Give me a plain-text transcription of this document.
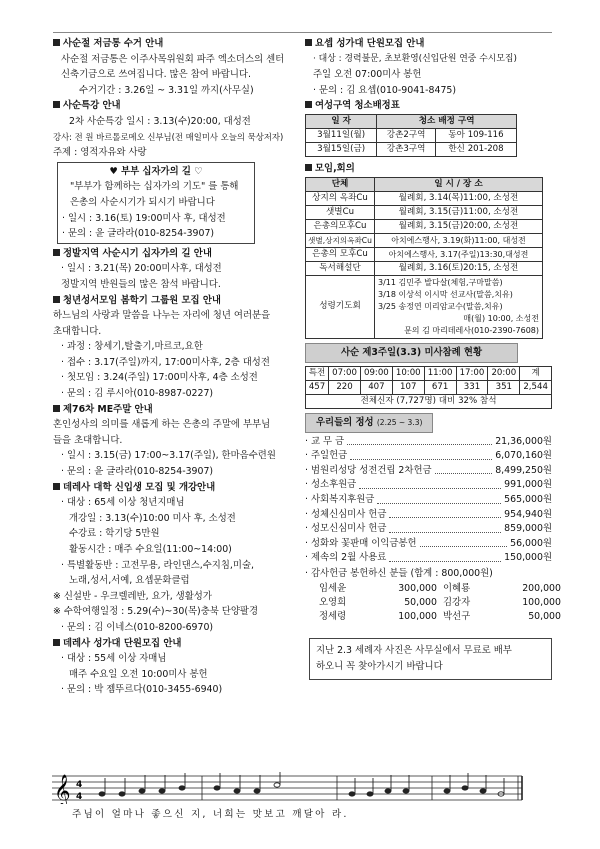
사순절 저금통 수거 안내
사순절 저금통은 이주사목위원회 파주 엑소더스의 센터
신축기금으로 쓰여집니다. 많은 참여 바랍니다.
수거기간 : 3.26일 ~ 3.31일 까지(사무실)
사순특강 안내
2차 사순특강 일시 : 3.13(수)20:00, 대성전
강사: 전 원 바르톨로메오 신부님(전 매일미사 오늘의 묵상저자)
주제 : 영적자유와 사랑
♥ 부부 십자가의 길 ♡
"부부가 함께하는 십자가의 기도" 를 통해
은총의 사순시기가 되시기 바랍니다
· 일시 : 3.16(토) 19:00미사 후, 대성전
· 문의 : 윤 글라라(010-8254-3907)
정발지역 사순시기 십자가의 길 안내
· 일시 : 3.21(목) 20:00미사후, 대성전
정발지역 반원들의 많은 참석 바랍니다.
청년성서모임 봄학기 그룹원 모집 안내
하느님의 사랑과 말씀을 나누는 자리에 청년 여러분을
초대합니다.
· 과정 : 창세기,탈출기,마르코,요한
· 접수 : 3.17(주일)까지, 17:00미사후, 2층 대성전
· 첫모임 : 3.24(주일) 17:00미사후, 4층 소성전
· 문의 : 김 루시아(010-8987-0227)
제76차 ME주말 안내
혼인성사의 의미를 새롭게 하는 은총의 주말에 부부님
들을 초대합니다.
· 일시 : 3.15(금) 17:00~3.17(주일), 한마음수련원
· 문의 : 윤 글라라(010-8254-3907)
데레사 대학 신입생 모집 및 개강안내
· 대상 : 65세 이상 청년지매님
개강일 : 3.13(수)10:00 미사 후, 소성전
수강료 : 학기당 5만원
활동시간 : 매주 수요일(11:00~14:00)
· 특별활동반 : 고전무용, 라인댄스,수지침,미술,
노래,성서,서예, 요셉문화클럽
※ 신설반 - 우크렐레반, 요가, 생활성가
※ 수학여행일정 : 5.29(수)~30(목)충북 단양팔경
· 문의 : 김 이네스(010-8200-6970)
데레사 성가대 단원모집 안내
· 대상 : 55세 이상 자매님
매주 수요일 오전 10:00미사 봉헌
· 문의 : 박 젬뚜르다(010-3455-6940)
요셉 성가대 단원모집 안내
· 대상 : 경력불문, 초보환영(신입단원 연중 수시모집)
주일 오전 07:00미사 봉헌
· 문의 : 김 요셉(010-9041-8475)
여성구역 청소배정표
일 자	청소 배정 구역	
3월11일(월)	강촌2구역	동아 109-116
3월15일(금)	강촌3구역	한신 201-208
모임,회의
단체	일 시 / 장 소
상지의 옥좌Cu	월례회, 3.14(목)11:00, 소성전
샛별Cu	월례회, 3.15(금)11:00, 소성전
은총의모후Cu	월례회, 3.15(금)20:00, 소성전
샛별,상지의옥좌Cu	아치에스행사, 3.19(화)11:00, 대성전
은총의 모후Cu	아치에스행사, 3.17(주일)13:30,대성전
독서해설단	월례회, 3.16(토)20:15, 소성전
성령기도회	3/11 김민주 발다살(체험,구마말씀)
3/18 이상석 이시막 선교사(말씀,치유)
3/25 송정연 미리암교수(말씀,치유)
매(월) 10:00, 소성전
문의 김 마리데레사(010-2390-7608)
사순 제3주일(3.3) 미사참례 현황
특전	07:00	09:00	10:00	11:00	17:00	20:00	계
457	220	407	107	671	331	351	2,544
전체신자 (7,727명) 대비 32% 참석							
우리들의 정성 (2.25 ~ 3.3)
· 교 무 금	21,36,000원
· 주일헌금	6,070,160원
· 범원리성당 성전건립 2차헌금	8,499,250원
· 성소후원금	991,000원
· 사회복지후원금	565,000원
· 성체신심미사 헌금	954,940원
· 성모신심미사 헌금	859,000원
· 성화와 꽃판매 이익금봉헌	56,000원
· 제속의 2월 사용료	150,000원
· 감사헌금 봉헌하신 분들 (합계 : 800,000원)
임세윤	300,000 이혜룡	200,000
오영희	50,000 김강자	100,000
정세령	100,000 박선구	50,000
지난 2.3 세례자 사진은 사무실에서 무료로 배부
하오니 꼭 찾아가시기 바랍니다
𝄞 4
4
주님이 얼마나 좋으신 지, 너희는 맛보고 깨달아 라.
